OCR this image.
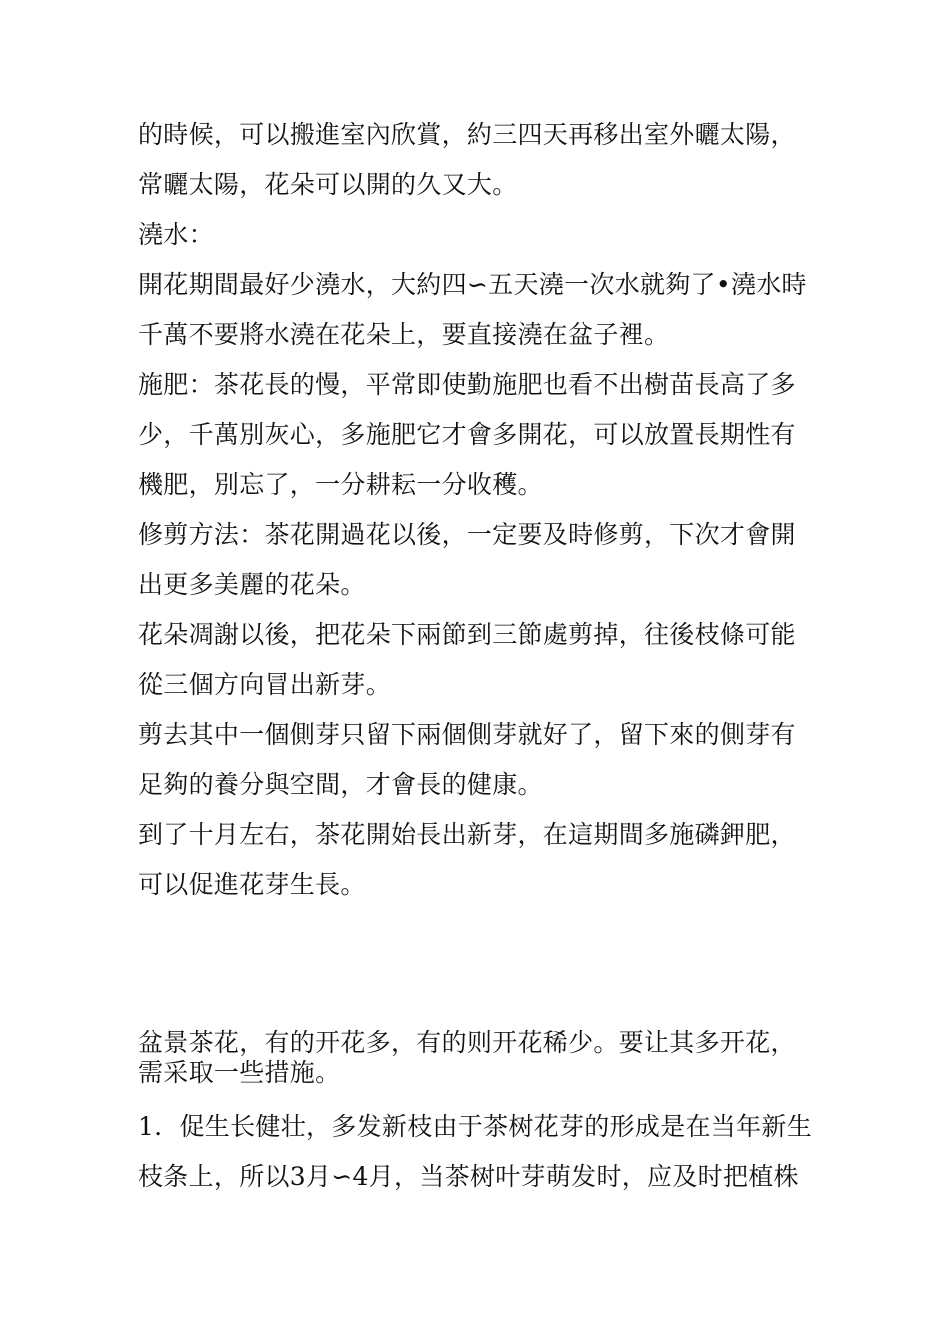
的時候，可以搬進室內欣賞，約三四天再移出室外曬太陽，
常曬太陽，花朵可以開的久又大。
澆水：
開花期間最好少澆水，大約四∽五天澆一次水就夠了•澆水時
千萬不要將水澆在花朵上，要直接澆在盆子裡。
施肥：茶花長的慢，平常即使勤施肥也看不出樹苗長高了多
少，千萬別灰心，多施肥它才會多開花，可以放置長期性有
機肥，別忘了，一分耕耘一分收穫。
修剪方法：茶花開過花以後，一定要及時修剪，下次才會開
出更多美麗的花朵。
花朵凋謝以後，把花朵下兩節到三節處剪掉，往後枝條可能
從三個方向冒出新芽。
剪去其中一個側芽只留下兩個側芽就好了，留下來的側芽有
足夠的養分與空間，才會長的健康。
到了十月左右，茶花開始長出新芽，在這期間多施磷鉀肥，
可以促進花芽生長。
盆景茶花，有的开花多，有的则开花稀少。要让其多开花，
需采取一些措施。
1．促生长健壮，多发新枝由于茶树花芽的形成是在当年新生
枝条上，所以3月∽4月，当茶树叶芽萌发时，应及时把植株
